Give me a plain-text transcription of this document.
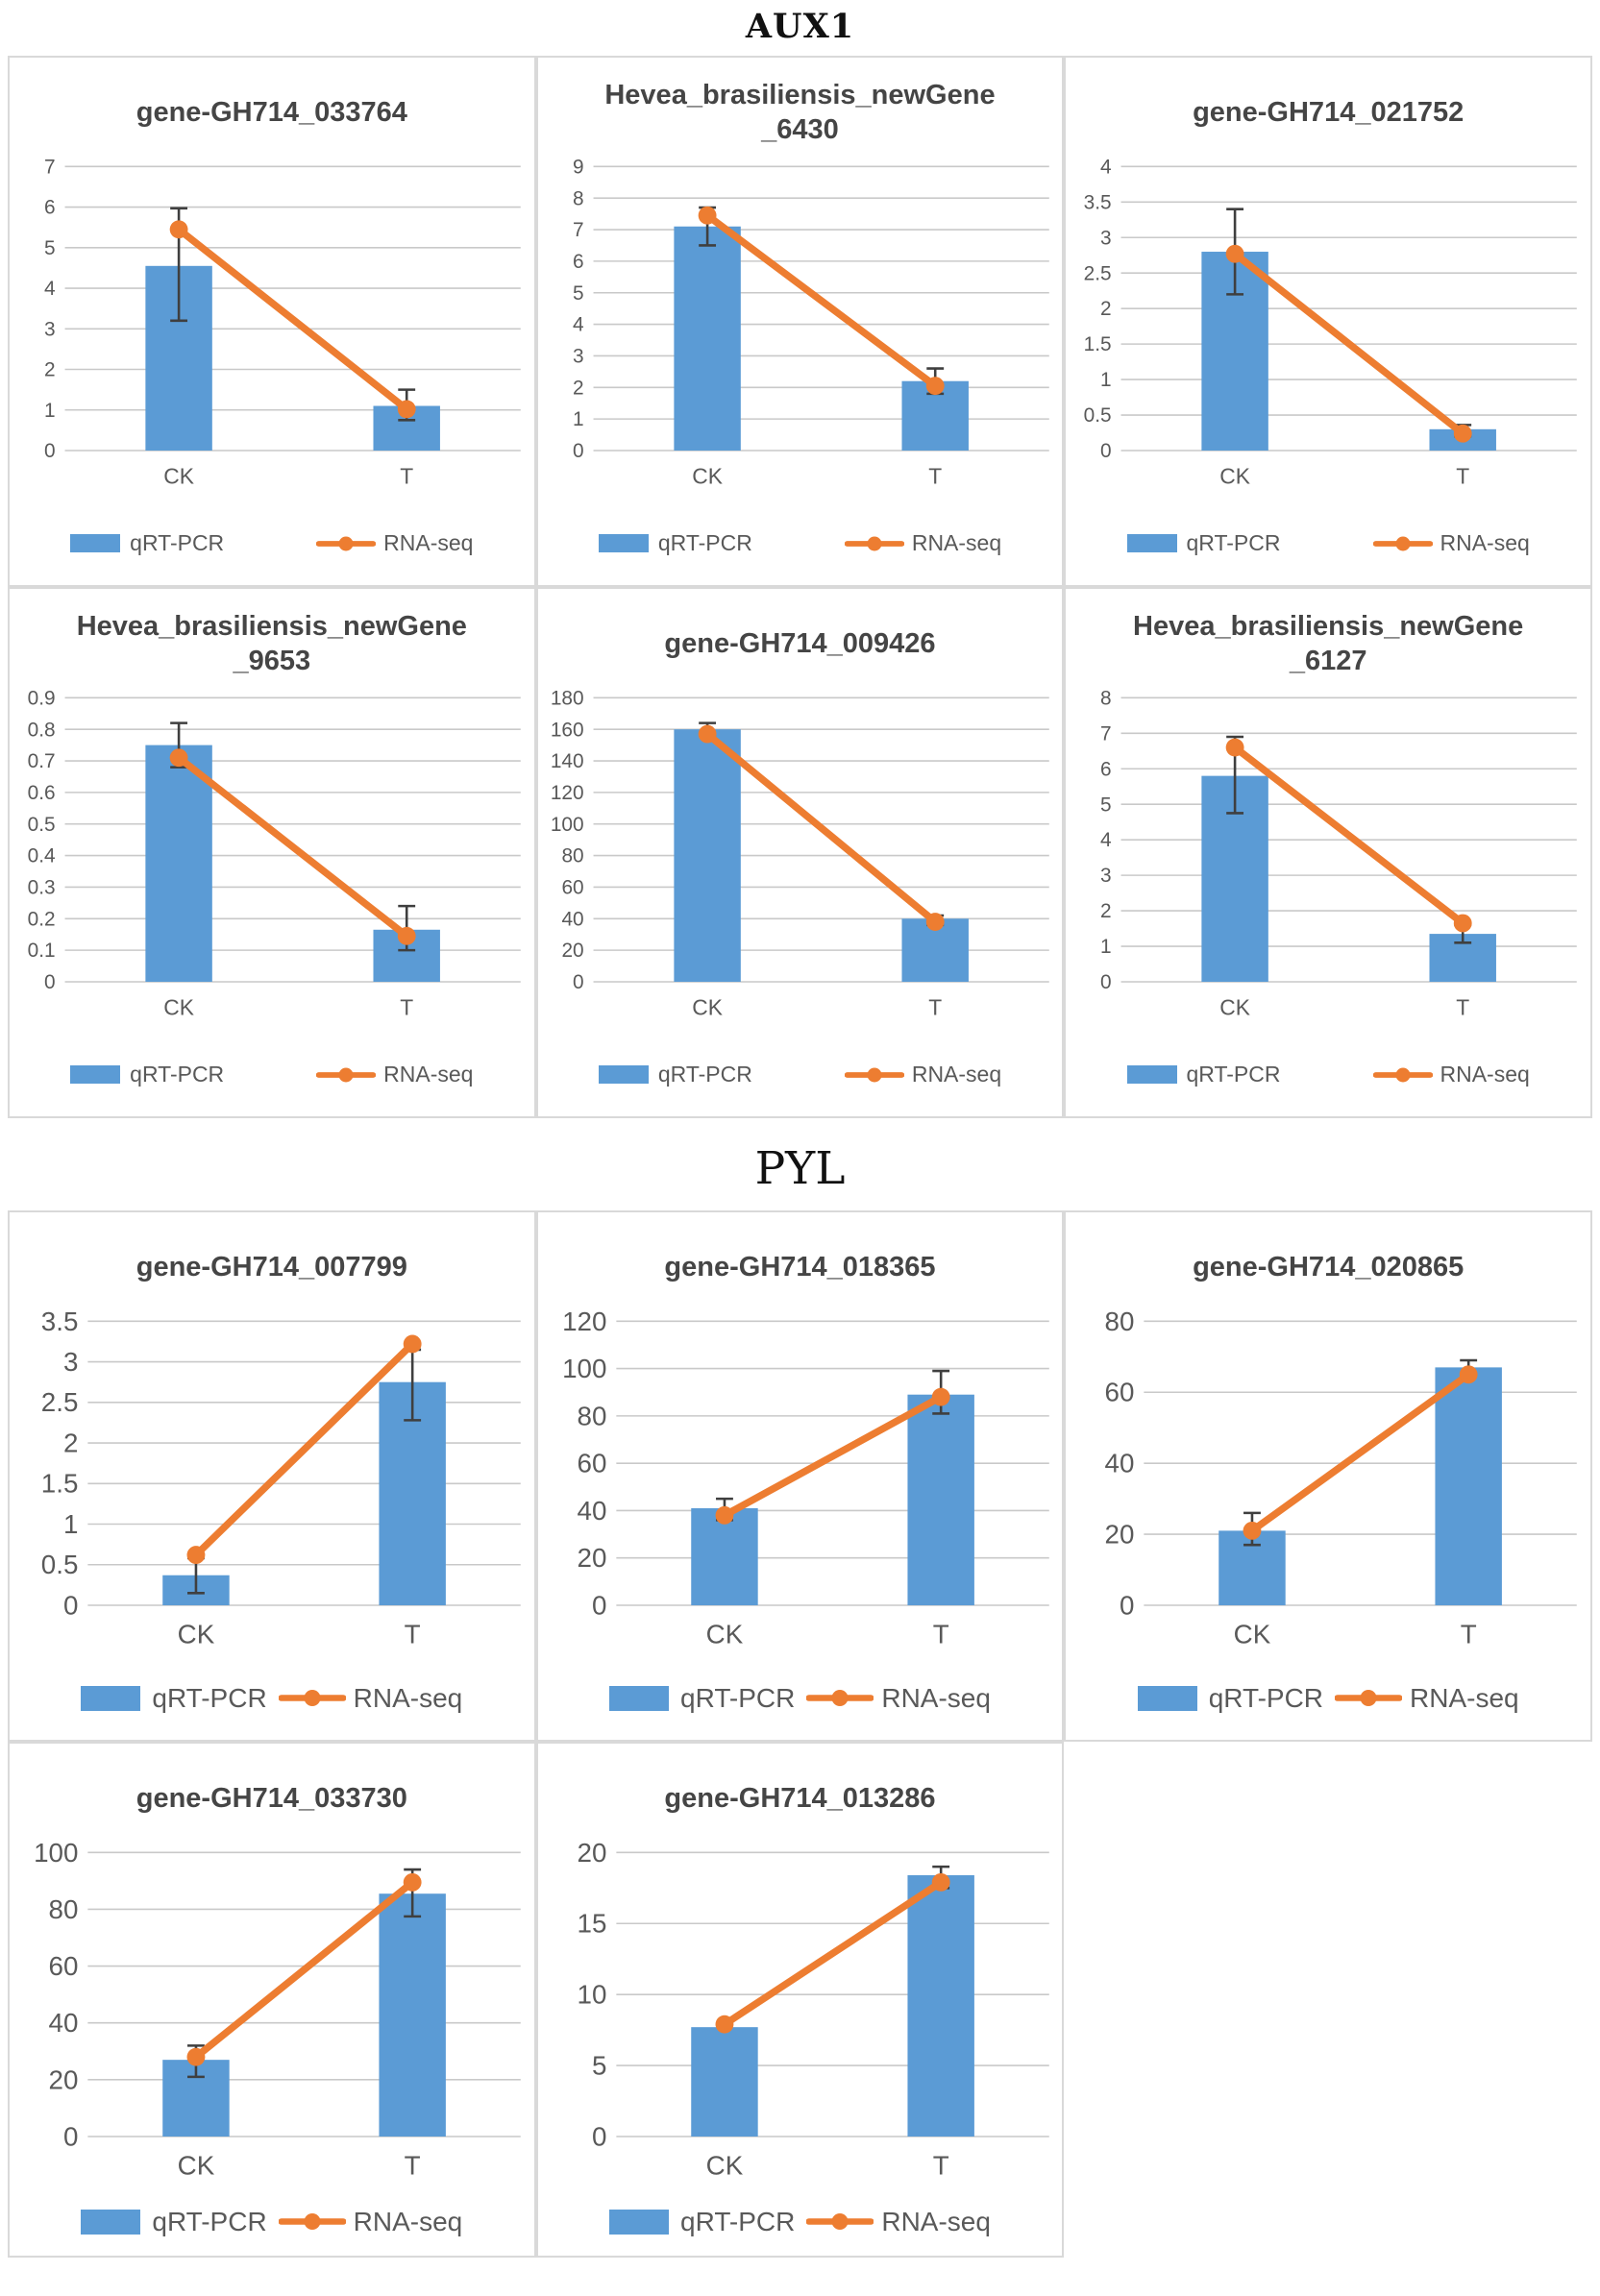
AUX1
gene-GH714_033764
0
1
2
3
4
5
6
7
CK	T
qRT-PCR	RNA-seq
Hevea_brasiliensis_newGene_6430
0
1
2
3
4
5
6
7
8
9
CK	T
qRT-PCR	RNA-seq
gene-GH714_021752
0
0.5
1
1.5
2
2.5
3
3.5
4
CK	T
qRT-PCR	RNA-seq
Hevea_brasiliensis_newGene_9653
0
0.1
0.2
0.3
0.4
0.5
0.6
0.7
0.8
0.9
CK	T
qRT-PCR	RNA-seq
gene-GH714_009426
0
20
40
60
80
100
120
140
160
180
CK	T
qRT-PCR	RNA-seq
Hevea_brasiliensis_newGene_6127
0
1
2
3
4
5
6
7
8
CK	T
qRT-PCR	RNA-seq
PYL
gene-GH714_007799
0
0.5
1
1.5
2
2.5
3
3.5
CK	T
qRT-PCR	RNA-seq
gene-GH714_018365
0
20
40
60
80
100
120
CK	T
qRT-PCR	RNA-seq
gene-GH714_020865
0
20
40
60
80
CK	T
qRT-PCR	RNA-seq
gene-GH714_033730
0
20
40
60
80
100
CK	T
qRT-PCR	RNA-seq
gene-GH714_013286
0
5
10
15
20
CK	T
qRT-PCR	RNA-seq
